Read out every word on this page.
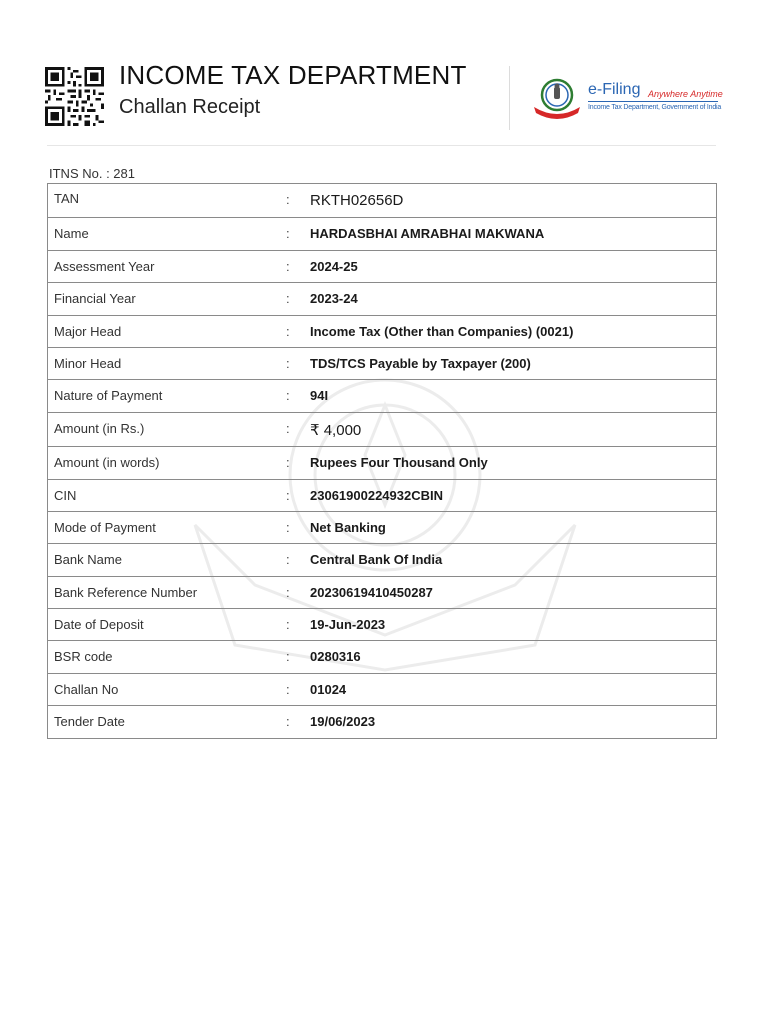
INCOME TAX DEPARTMENT
Challan Receipt
e-Filing Anywhere Anytime
Income Tax Department, Government of India
ITNS No. : 281
TAN	: RKTH02656D
Name	: HARDASBHAI AMRABHAI MAKWANA
Assessment Year	: 2024-25
Financial Year	: 2023-24
Major Head	: Income Tax (Other than Companies) (0021)
Minor Head	: TDS/TCS Payable by Taxpayer (200)
Nature of Payment	: 94I
Amount (in Rs.)	: ₹ 4,000
Amount (in words)	: Rupees Four Thousand Only
CIN	: 23061900224932CBIN
Mode of Payment	: Net Banking
Bank Name	: Central Bank Of India
Bank Reference Number	: 20230619410450287
Date of Deposit	: 19-Jun-2023
BSR code	: 0280316
Challan No	: 01024
Tender Date	: 19/06/2023
